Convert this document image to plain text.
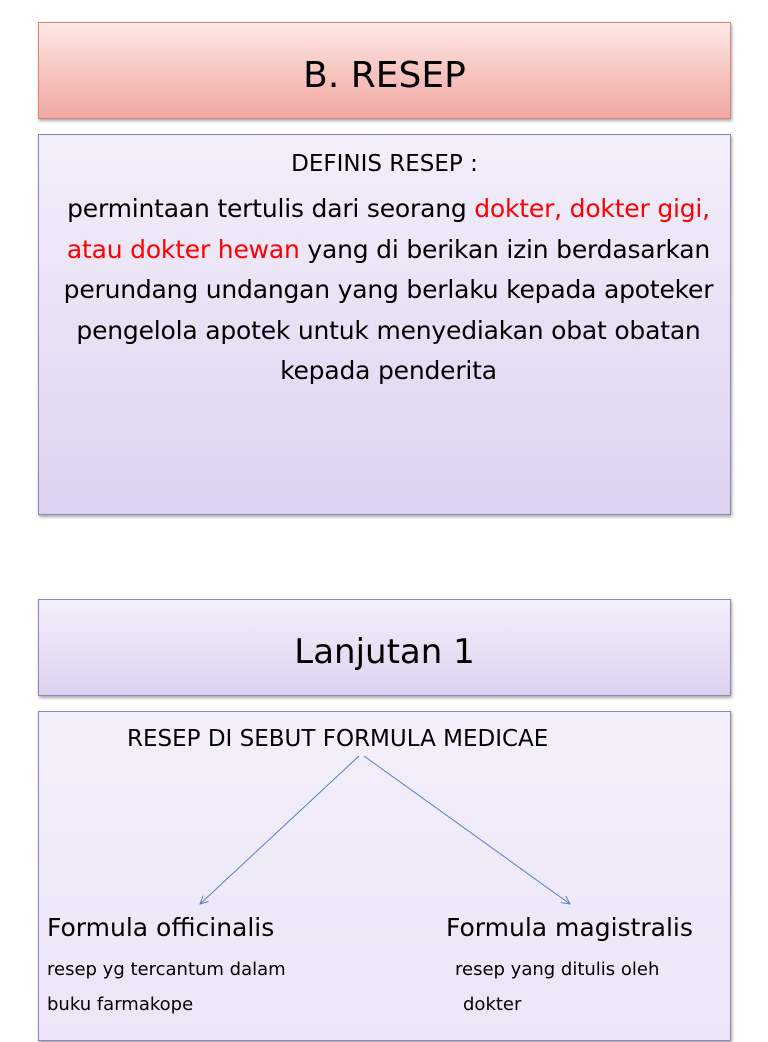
B. RESEP
DEFINIS RESEP :
permintaan tertulis dari seorang dokter, dokter gigi, atau dokter hewan yang di berikan izin berdasarkan perundang undangan yang berlaku kepada apoteker pengelola apotek untuk menyediakan obat obatan kepada penderita
Lanjutan 1
RESEP DI SEBUT FORMULA MEDICAE
Formula officinalis
resep yg tercantum dalam
buku farmakope
Formula magistralis
resep yang ditulis oleh
dokter
